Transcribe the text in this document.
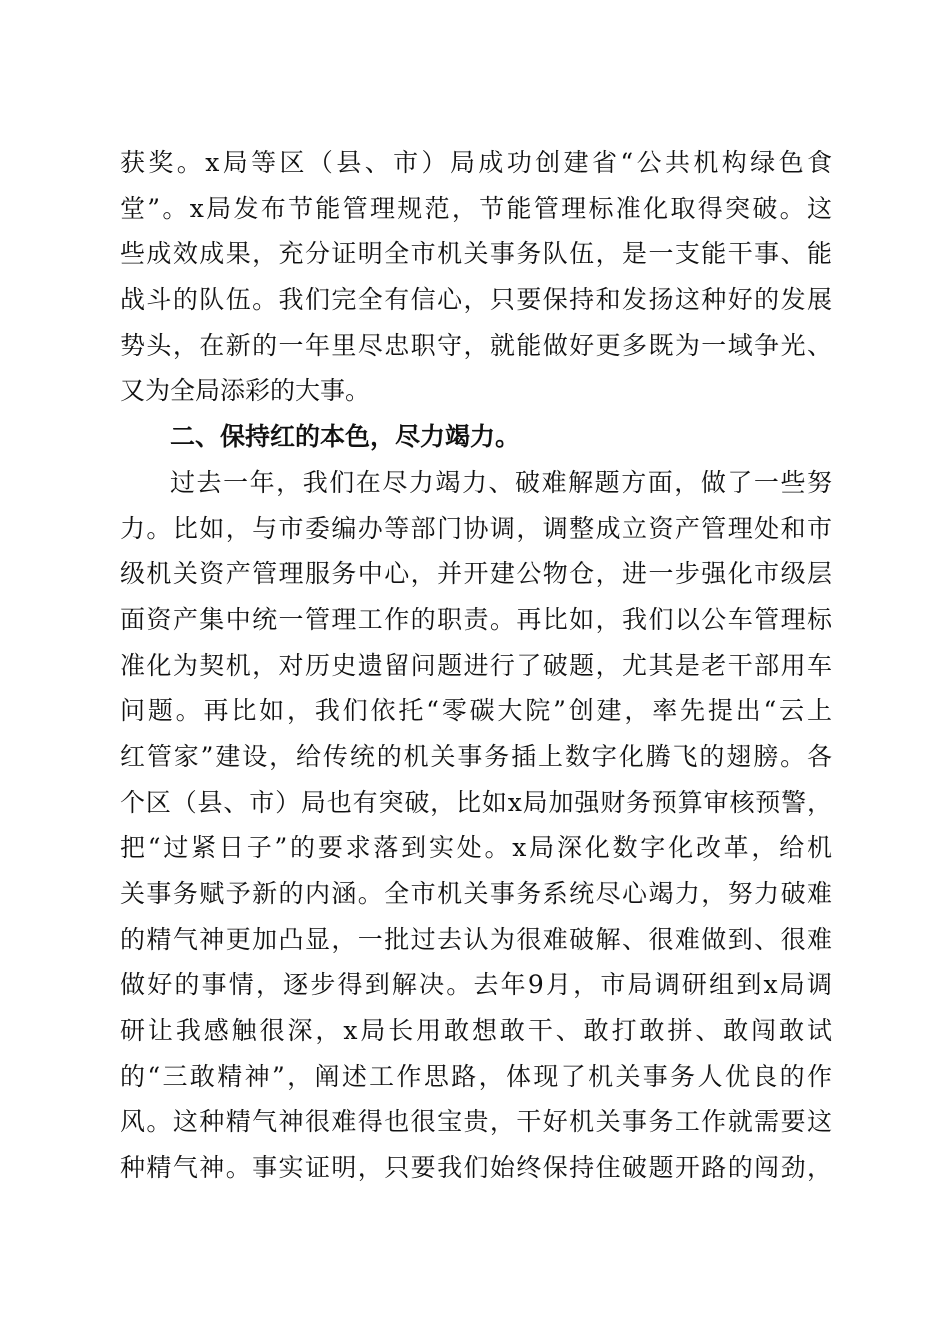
获奖。x局等区（县、市）局成功创建省“公共机构绿色食
堂”。x局发布节能管理规范，节能管理标准化取得突破。这
些成效成果，充分证明全市机关事务队伍，是一支能干事、能
战斗的队伍。我们完全有信心，只要保持和发扬这种好的发展
势头，在新的一年里尽忠职守，就能做好更多既为一域争光、
又为全局添彩的大事。
二、保持红的本色，尽力竭力。
过去一年，我们在尽力竭力、破难解题方面，做了一些努
力。比如，与市委编办等部门协调，调整成立资产管理处和市
级机关资产管理服务中心，并开建公物仓，进一步强化市级层
面资产集中统一管理工作的职责。再比如，我们以公车管理标
准化为契机，对历史遗留问题进行了破题，尤其是老干部用车
问题。再比如，我们依托“零碳大院”创建，率先提出“云上
红管家”建设，给传统的机关事务插上数字化腾飞的翅膀。各
个区（县、市）局也有突破，比如x局加强财务预算审核预警，
把“过紧日子”的要求落到实处。x局深化数字化改革，给机
关事务赋予新的内涵。全市机关事务系统尽心竭力，努力破难
的精气神更加凸显，一批过去认为很难破解、很难做到、很难
做好的事情，逐步得到解决。去年9月，市局调研组到x局调
研让我感触很深，x局长用敢想敢干、敢打敢拼、敢闯敢试
的“三敢精神”，阐述工作思路，体现了机关事务人优良的作
风。这种精气神很难得也很宝贵，干好机关事务工作就需要这
种精气神。事实证明，只要我们始终保持住破题开路的闯劲，
